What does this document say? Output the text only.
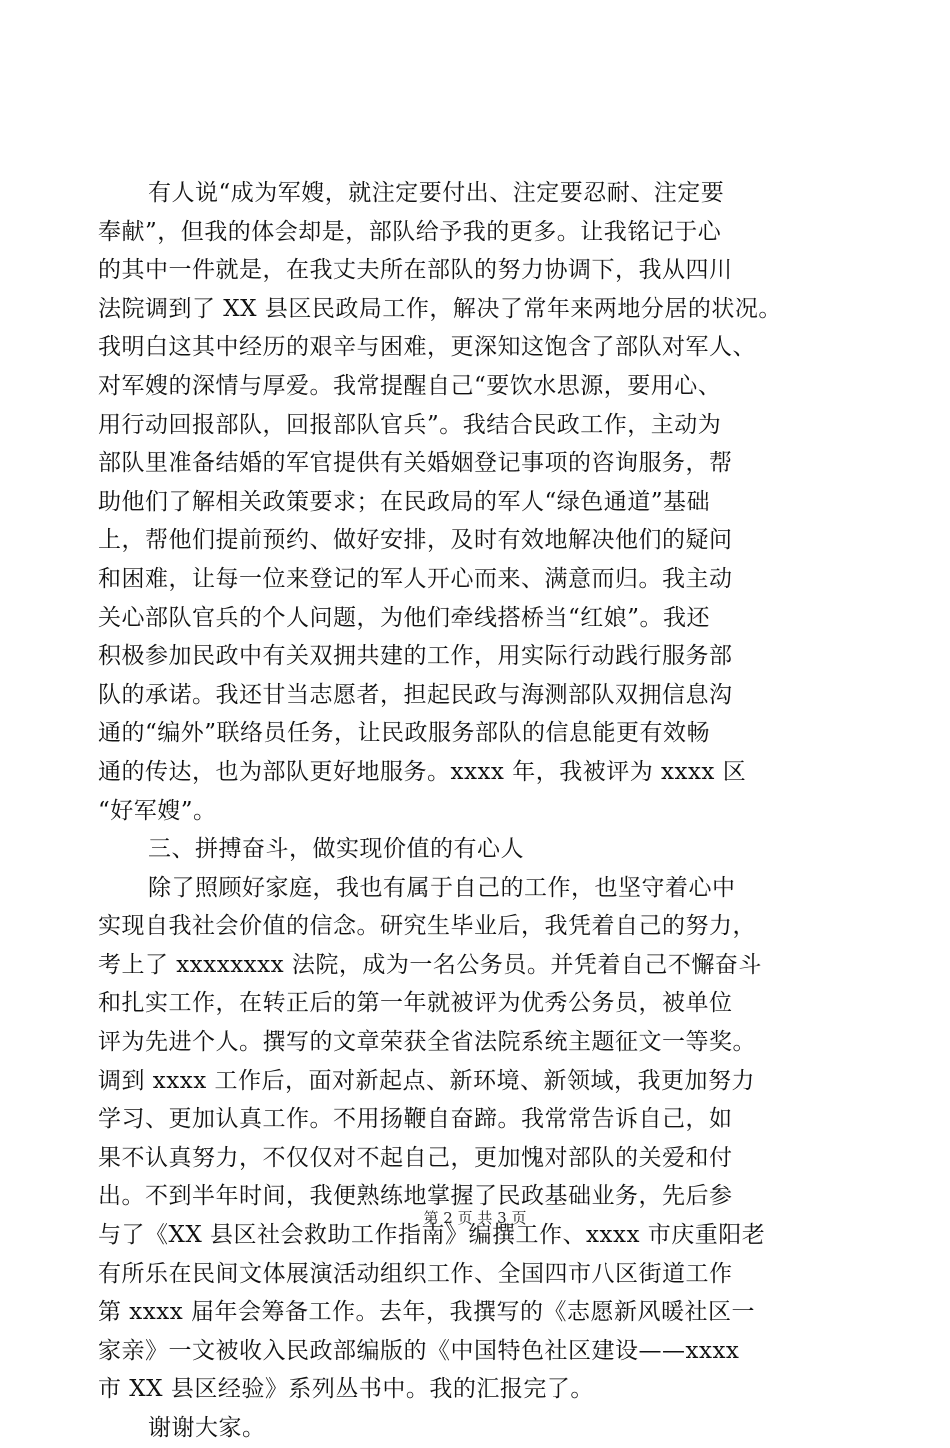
有人说“成为军嫂，就注定要付出、注定要忍耐、注定要
奉献”，但我的体会却是，部队给予我的更多。让我铭记于心
的其中一件就是，在我丈夫所在部队的努力协调下，我从四川
法院调到了 XX 县区民政局工作，解决了常年来两地分居的状况。
我明白这其中经历的艰辛与困难，更深知这饱含了部队对军人、
对军嫂的深情与厚爱。我常提醒自己“要饮水思源，要用心、
用行动回报部队，回报部队官兵”。我结合民政工作，主动为
部队里准备结婚的军官提供有关婚姻登记事项的咨询服务，帮
助他们了解相关政策要求；在民政局的军人“绿色通道”基础
上，帮他们提前预约、做好安排，及时有效地解决他们的疑问
和困难，让每一位来登记的军人开心而来、满意而归。我主动
关心部队官兵的个人问题，为他们牵线搭桥当“红娘”。我还
积极参加民政中有关双拥共建的工作，用实际行动践行服务部
队的承诺。我还甘当志愿者，担起民政与海测部队双拥信息沟
通的“编外”联络员任务，让民政服务部队的信息能更有效畅
通的传达，也为部队更好地服务。xxxx 年，我被评为 xxxx 区
“好军嫂”。
三、拼搏奋斗，做实现价值的有心人
除了照顾好家庭，我也有属于自己的工作，也坚守着心中
实现自我社会价值的信念。研究生毕业后，我凭着自己的努力，
考上了 xxxxxxxx 法院，成为一名公务员。并凭着自己不懈奋斗
和扎实工作，在转正后的第一年就被评为优秀公务员，被单位
评为先进个人。撰写的文章荣获全省法院系统主题征文一等奖。
调到 xxxx 工作后，面对新起点、新环境、新领域，我更加努力
学习、更加认真工作。不用扬鞭自奋蹄。我常常告诉自己，如
果不认真努力，不仅仅对不起自己，更加愧对部队的关爱和付
出。不到半年时间，我便熟练地掌握了民政基础业务，先后参
与了《XX 县区社会救助工作指南》编撰工作、xxxx 市庆重阳老
有所乐在民间文体展演活动组织工作、全国四市八区街道工作
第 xxxx 届年会筹备工作。去年，我撰写的《志愿新风暖社区一
家亲》一文被收入民政部编版的《中国特色社区建设——xxxx
市 XX 县区经验》系列丛书中。我的汇报完了。
谢谢大家。
第 2 页 共 3 页
